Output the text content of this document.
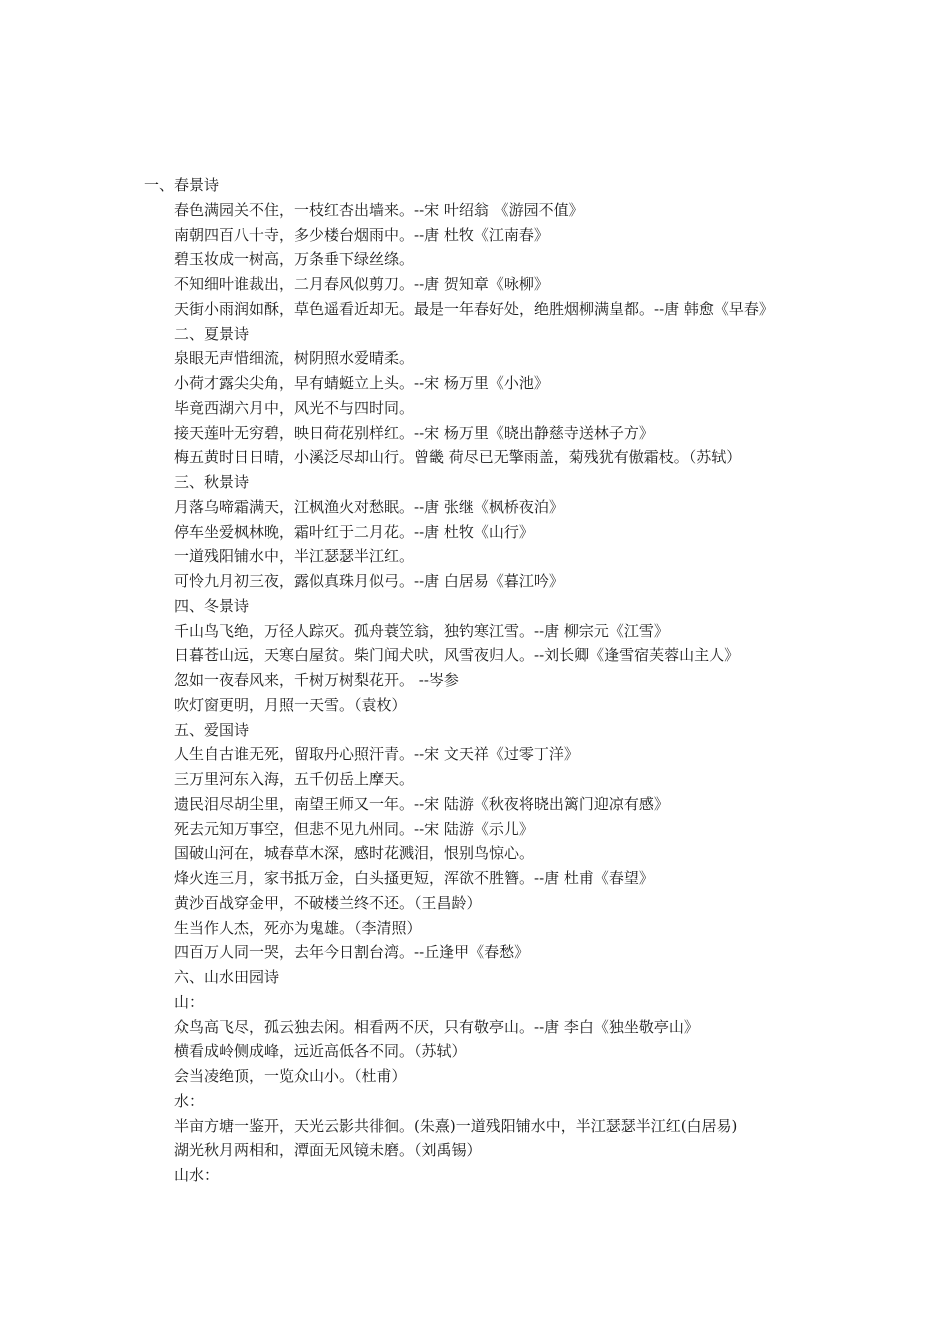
一、春景诗
春色满园关不住，一枝红杏出墙来。--宋 叶绍翁 《游园不值》
南朝四百八十寺，多少楼台烟雨中。--唐 杜牧《江南春》
碧玉妆成一树高，万条垂下绿丝绦。
不知细叶谁裁出，二月春风似剪刀。--唐 贺知章《咏柳》
天街小雨润如酥，草色遥看近却无。最是一年春好处，绝胜烟柳满皇都。--唐 韩愈《早春》
二、夏景诗
泉眼无声惜细流，树阴照水爱晴柔。
小荷才露尖尖角，早有蜻蜓立上头。--宋 杨万里《小池》
毕竟西湖六月中，风光不与四时同。
接天莲叶无穷碧，映日荷花别样红。--宋 杨万里《晓出静慈寺送林子方》
梅五黄时日日晴，小溪泛尽却山行。曾畿 荷尽已无擎雨盖，菊残犹有傲霜枝。（苏轼）
三、秋景诗
月落乌啼霜满天，江枫渔火对愁眠。--唐 张继《枫桥夜泊》
停车坐爱枫林晚，霜叶红于二月花。--唐 杜牧《山行》
一道残阳铺水中，半江瑟瑟半江红。
可怜九月初三夜，露似真珠月似弓。--唐 白居易《暮江吟》
四、冬景诗
千山鸟飞绝，万径人踪灭。孤舟蓑笠翁，独钓寒江雪。--唐 柳宗元《江雪》
日暮苍山远，天寒白屋贫。柴门闻犬吠，风雪夜归人。--刘长卿《逢雪宿芙蓉山主人》
忽如一夜春风来，千树万树梨花开。 --岑参
吹灯窗更明，月照一天雪。（袁枚）
五、爱国诗
人生自古谁无死，留取丹心照汗青。--宋 文天祥《过零丁洋》
三万里河东入海，五千仞岳上摩天。
遗民泪尽胡尘里，南望王师又一年。--宋 陆游《秋夜将晓出篱门迎凉有感》
死去元知万事空，但悲不见九州同。--宋 陆游《示儿》
国破山河在，城春草木深，感时花溅泪，恨别鸟惊心。
烽火连三月，家书抵万金，白头搔更短，浑欲不胜簪。--唐 杜甫《春望》
黄沙百战穿金甲，不破楼兰终不还。（王昌龄）
生当作人杰，死亦为鬼雄。（李清照）
四百万人同一哭，去年今日割台湾。--丘逢甲《春愁》
六、山水田园诗
山：
众鸟高飞尽，孤云独去闲。相看两不厌，只有敬亭山。--唐 李白《独坐敬亭山》
横看成岭侧成峰，远近高低各不同。（苏轼）
会当凌绝顶，一览众山小。（杜甫）
水：
半亩方塘一鉴开，天光云影共徘徊。(朱熹)一道残阳铺水中，半江瑟瑟半江红(白居易)
湖光秋月两相和，潭面无风镜未磨。（刘禹锡）
山水：
